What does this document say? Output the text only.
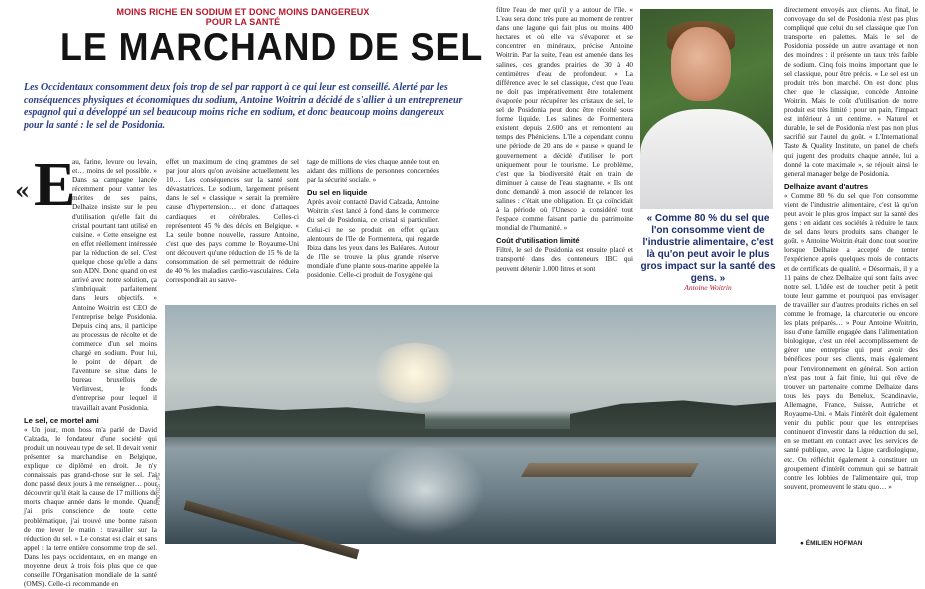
MOINS RICHE EN SODIUM ET DONC MOINS DANGEREUX POUR LA SANTÉ
LE MARCHAND DE SEL
Les Occidentaux consomment deux fois trop de sel par rapport à ce qui leur est conseillé. Alerté par les conséquences physiques et économiques du sodium, Antoine Woitrin a décidé de s'allier à un entrepreneur espagnol qui a développé un sel beaucoup moins riche en sodium, et donc beaucoup moins dangereux pour la santé : le sel de Posidonia.
« E

au, farine, levure ou levain, et… moins de sel possible. » Dans sa campagne lancée récemment pour vanter les mérites de ses pains, Delhaize insiste sur le peu d'utilisation qu'elle fait du cristal pourtant tant utilisé en cuisine. « Cette enseigne est en effet réellement intéressée par la réduction de sel. C'est quelque chose qu'elle a dans son ADN. Donc quand on est arrivé avec notre solution, ça s'imbriquait parfaitement dans leurs objectifs. » Antoine Woitrin est CEO de l'entreprise belge Posidonia. Depuis cinq ans, il participe au processus de récolte et de commerce d'un sel moins chargé en sodium. Pour lui, le point de départ de l'aventure se situe dans le bureau bruxellois de Verlinvest, le fonds d'entreprise pour lequel il travaillait avant Posidonia.

Le sel, ce mortel ami

« Un jour, mon boss m'a parlé de David Calzada, le fondateur d'une société qui produit un nouveau type de sel. Il devait venir présenter sa marchandise en Belgique, explique ce diplômé en droit. Je n'y connaissais pas grand-chose sur le sel. J'ai donc passé deux jours à me renseigner… pour découvrir qu'il était la cause de 17 millions de morts chaque année dans le monde. Quand j'ai pris conscience de toute cette problématique, j'ai trouvé une bonne raison de me lever le matin : travailler sur la réduction du sel. » Le constat est clair et sans appel : la terre entière consomme trop de sel. Dans les pays occidentaux, en en mange en moyenne deux à trois fois plus que ce que conseille l'Organisation mondiale de la santé (OMS). Celle-ci recommande en

effet un maximum de cinq grammes de sel par jour alors qu'on avoisine actuellement les 10… Les conséquences sur la santé sont dévastatrices. Le sodium, largement présent dans le sel « classique » serait la première cause d'hypertension… et donc d'attaques cardiaques et cérébrales. Celles-ci représentent 45 % des décès en Belgique. « La seule bonne nouvelle, rassure Antoine, c'est que des pays comme le Royaume-Uni ont découvert qu'une réduction de 15 % de la consommation de sel permettrait de réduire de 40 % les maladies cardio-vasculaires. Cela correspondrait au sauve-

tage de millions de vies chaque année tout en aidant des millions de personnes concernées par la sécurité sociale. »

Du sel en liquide

Après avoir contacté David Calzada, Antoine Woitrin s'est lancé à fond dans le commerce du sel de Posidonia, ce cristal si particulier. Celui-ci ne se produit en effet qu'aux alentours de l'île de Formentera, qui regarde Ibiza dans les yeux dans les Baléares. Autour de l'île se trouve la plus grande réserve mondiale d'une plante sous-marine appelée la posidonie. Celle-ci produit de l'oxygène qui

filtre l'eau de mer qu'il y a autour de l'île. « L'eau sera donc très pure au moment de rentrer dans une lagune qui fait plus ou moins 400 hectares et où elle va s'évaporer et se concentrer en minéraux, précise Antoine Woitrin. Par la suite, l'eau est amenée dans les salines, ces grandes prairies de 30 à 40 centimètres d'eau de profondeur. » La différence avec le sel classique, c'est que l'eau ne doit pas impérativement être totalement évaporée pour récupérer les cristaux de sel, le sel de Posidonia peut donc être récolté sous forme liquide. Les salines de Formentera existent depuis 2.600 ans et remontent au temps des Phéniciens. L'île a cependant connu une période de 20 ans de « pause » quand le gouvernement a décidé d'utiliser le port uniquement pour le tourisme. Le problème, c'est que la biodiversité était en train de diminuer à cause de l'eau stagnante. « Ils ont donc demandé à mon associé de relancer les salines : c'était une obligation. Et ça coïncidait à la période où l'Unesco a considéré tout l'espace comme faisant partie du patrimoine mondial de l'humanité. »

Coût d'utilisation limité

Filtré, le sel de Posidonia est ensuite placé et transporté dans des conteneurs IBC qui peuvent détenir 1.000 litres et sont

« Comme 80 % du sel que l'on consomme vient de l'industrie alimentaire, c'est là qu'on peut avoir le plus gros impact sur la santé des gens. »
Antoine Woitrin

directement envoyés aux clients. Au final, le convoyage du sel de Posidonia n'est pas plus compliqué que celui du sel classique que l'on transporte en palettes. Mais le sel de Posidonia possède un autre avantage et non des moindres : il présente un taux très faible de sodium. Cinq fois moins important que le sel classique, pour être précis. « Le sel est un produit très bon marché. On est donc plus cher que le classique, concède Antoine Woitrin. Mais le coût d'utilisation de notre produit est très limité : pour un pain, l'impact est inférieur à un centime. » Naturel et durable, le sel de Posidonia n'est pas non plus sacrifié sur l'autel du goût. « L'International Taste & Quality Institute, un panel de chefs qui jugent des produits chaque année, lui a donné la cote maximale », se réjouit ainsi le general manager belge de Posidonia.

Delhaize avant d'autres

« Comme 80 % du sel que l'on consomme vient de l'industrie alimentaire, c'est là qu'on peut avoir le plus gros impact sur la santé des gens : en aidant ces sociétés à réduire le taux de sel dans leurs produits sans changer le goût. » Antoine Woitrin était donc tout sourire lorsque Delhaize a accepté de tenter l'expérience après quelques mois de contacts et de certificats de qualité. « Désormais, il y a 11 pains de chez Delhaize qui sont faits avec notre sel. L'idée est de toucher petit à petit toute leur gamme et pourquoi pas envisager de travailler sur d'autres produits riches en sel comme le fromage, la charcuterie ou encore les plats préparés… » Pour Antoine Woitrin, issu d'une famille engagée dans l'alimentation biologique, c'est un réel accomplissement de gérer une entreprise qui peut avoir des bénéfices pour ses clients, mais également pour l'environnement en général. Son action n'est pas tout à fait finie, lui qui rêve de trouver un partenaire comme Delhaize dans tous les pays du Benelux, Scandinavie, Allemagne, France, Suisse, Autriche et Royaume-Uni. « Mais l'intérêt doit également venir du public pour que les entreprises continuent d'investir dans la réduction du sel, en se mettant en contact avec les services de santé publique, avec la Ligue cardiologique, etc. On réfléchit également à constituer un groupement d'intérêt commun qui se battrait contre les lobbies de l'alimentaire qui, trop souvent, promeuvent le statu quo… »

PHOTOS : PG
● ÉMILIEN HOFMAN
